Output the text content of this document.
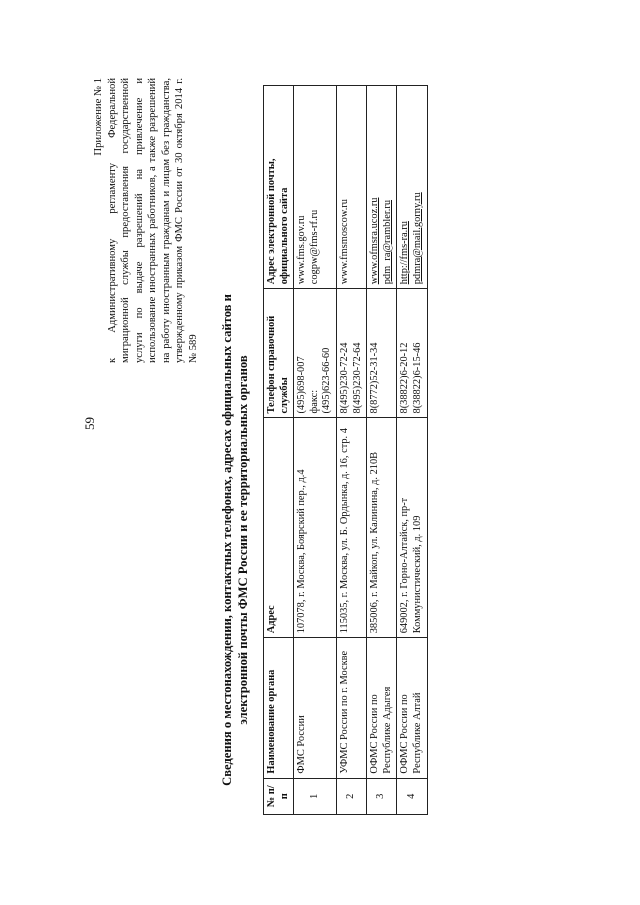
59
Приложение № 1 к Административному регламенту Федеральной миграционной службы предоставления государственной услуги по выдаче разрешений на привлечение и использование иностранных работников, а также разрешений на работу иностранным гражданам и лицам без гражданства, утвержденному приказом ФМС России от 30 октября 2014 г. № 589 Сведения о местонахождении, контактных телефонах, адресах официальных сайтов и электронной почты ФМС России и ее территориальных органов
№ п/ п	Наименование органа	Адрес	Телефон справочной службы	Адрес электронной почты, официального сайта
1	ФМС России	107078, г. Москва, Боярский пер., д.4	(495)698-007 факс: (495)623-66-60	www.fms.gov.ru cogpw@fms-rf.ru

2	УФМС России по г. Москве	115035, г. Москва, ул. Б. Ордынка, д. 16, стр. 4	8(495)230-72-24 8(495)230-72-64	www.fmsmoscow.ru

3	ОФМС России по Республике Адыгея	385006, г. Майкоп, ул. Калинина, д. 210В	8(8772)52-31-34	www.ofmsra.ucoz.ru pdm_ra@rambler.ru

4	ОФМС России по Республике Алтай	649002, г. Горно-Алтайск, пр-т Коммунистический, д. 109	8(38822)6-20-12 8(38822)6-15-46	http://fms-ra.ru pdmra@mail.gorny.ru
